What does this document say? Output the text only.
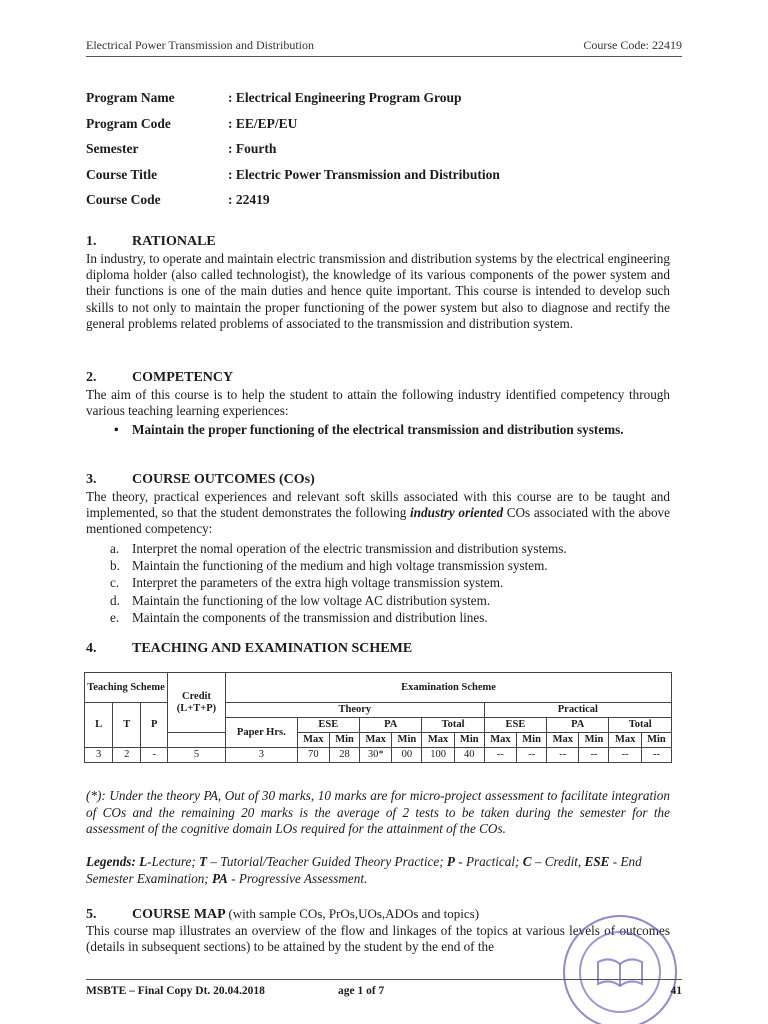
Electrical Power Transmission and Distribution	Course Code: 22419
Program Name	: Electrical Engineering Program Group
Program Code	: EE/EP/EU
Semester	: Fourth
Course Title	: Electric Power Transmission and Distribution
Course Code	: 22419
1.	RATIONALE
In industry, to operate and maintain electric transmission and distribution systems by the electrical engineering diploma holder (also called technologist), the knowledge of its various components of the power system and their functions is one of the main duties and hence quite important. This course is intended to develop such skills to not only to maintain the proper functioning of the power system but also to diagnose and rectify the general problems related problems of associated to the transmission and distribution system.
2.	COMPETENCY
The aim of this course is to help the student to attain the following industry identified competency through various teaching learning experiences:
•	Maintain the proper functioning of the electrical transmission and distribution systems.
3.	COURSE OUTCOMES (COs)
The theory, practical experiences and relevant soft skills associated with this course are to be taught and implemented, so that the student demonstrates the following industry oriented COs associated with the above mentioned competency:
a. Interpret the nomal operation of the electric transmission and distribution systems.
b. Maintain the functioning of the medium and high voltage transmission system.
c. Interpret the parameters of the extra high voltage transmission system.
d. Maintain the functioning of the low voltage AC distribution system.
e. Maintain the components of the transmission and distribution lines.
4.	TEACHING AND EXAMINATION SCHEME
Teaching Scheme			Credit (L+T+P)	Examination Scheme												
L	T	P		Theory							Practical					
				Paper Hrs.	ESE		PA		Total		ESE		PA		Total	
					Max	Min	Max	Min	Max	Min	Max	Min	Max	Min	Max	Min
3	2	-	5	3	70	28	30*	00	100	40	--	--	--	--	--	--
(*): Under the theory PA, Out of 30 marks, 10 marks are for micro-project assessment to facilitate integration of COs and the remaining 20 marks is the average of 2 tests to be taken during the semester for the assessment of the cognitive domain LOs required for the attainment of the COs.
Legends: L-Lecture; T – Tutorial/Teacher Guided Theory Practice; P - Practical; C – Credit, ESE - End Semester Examination; PA - Progressive Assessment.
5.	COURSE MAP (with sample COs, PrOs,UOs,ADOs and topics)
This course map illustrates an overview of the flow and linkages of the topics at various levels of outcomes (details in subsequent sections) to be attained by the student by the end of the
MSBTE – Final Copy Dt. 20.04.2018	age 1 of 7	41
